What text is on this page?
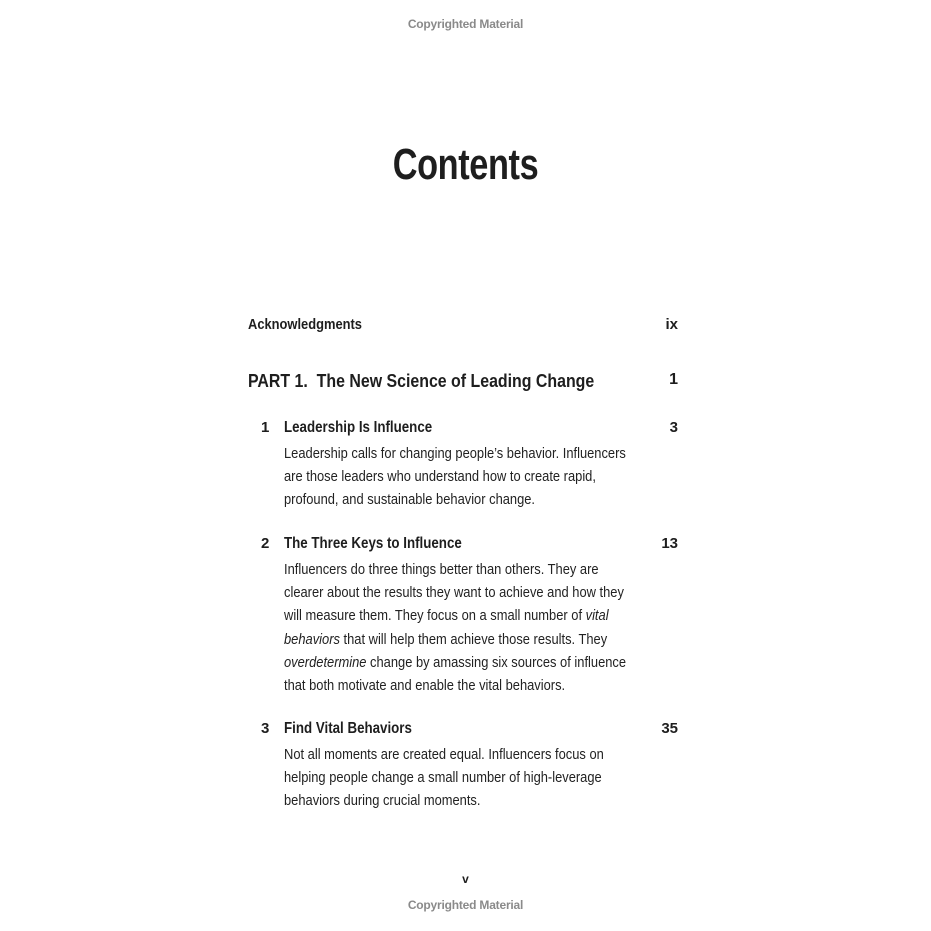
Copyrighted Material
Contents
Acknowledgments	ix
PART 1.  The New Science of Leading Change	1
1 Leadership Is Influence	3
Leadership calls for changing people’s behavior. Influencers
are those leaders who understand how to create rapid,
profound, and sustainable behavior change.
2 The Three Keys to Influence	13
Influencers do three things better than others. They are
clearer about the results they want to achieve and how they
will measure them. They focus on a small number of vital
behaviors that will help them achieve those results. They
overdetermine change by amassing six sources of influence
that both motivate and enable the vital behaviors.
3 Find Vital Behaviors	35
Not all moments are created equal. Influencers focus on
helping people change a small number of high-leverage
behaviors during crucial moments.
v
Copyrighted Material
